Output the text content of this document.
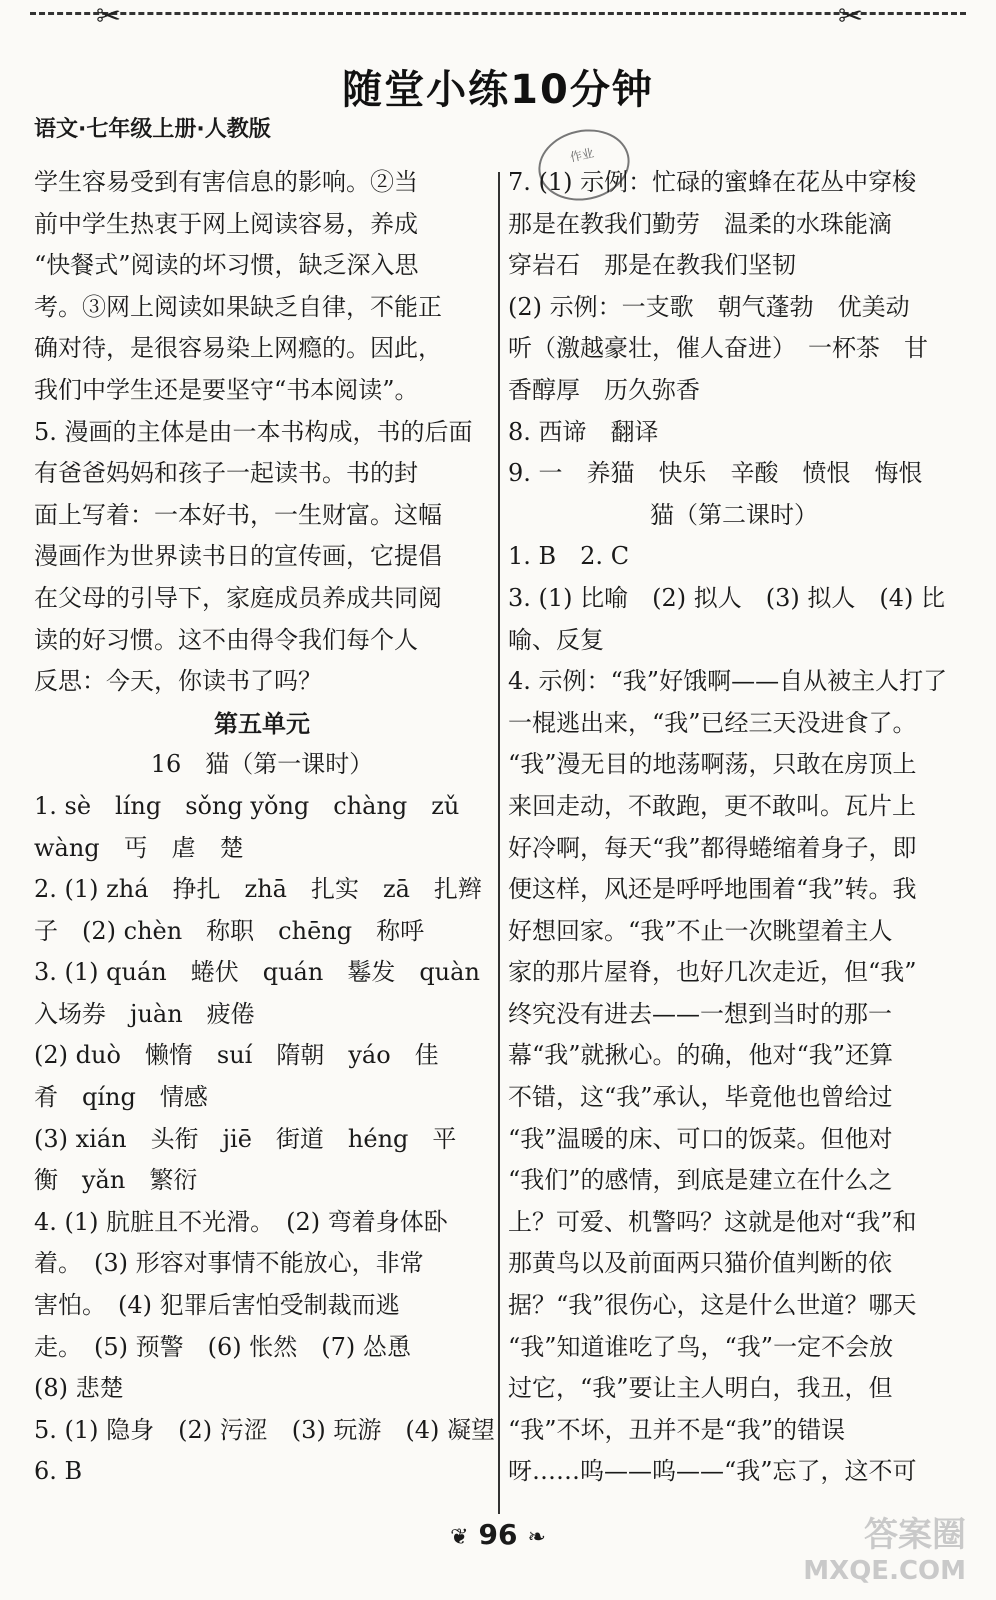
✂	✂
随堂小练10分钟
语文·七年级上册·人教版
作业
学生容易受到有害信息的影响。②当
前中学生热衷于网上阅读容易，养成
“快餐式”阅读的坏习惯，缺乏深入思
考。③网上阅读如果缺乏自律，不能正
确对待，是很容易染上网瘾的。因此，
我们中学生还是要坚守“书本阅读”。
5. 漫画的主体是由一本书构成，书的后面
有爸爸妈妈和孩子一起读书。书的封
面上写着：一本好书，一生财富。这幅
漫画作为世界读书日的宣传画，它提倡
在父母的引导下，家庭成员养成共同阅
读的好习惯。这不由得令我们每个人
反思：今天，你读书了吗？
第五单元
16　猫（第一课时）
1. sè　líng　sǒng yǒng　chàng　zǔ
wàng　丐　虐　楚
2. (1) zhá　挣扎　zhā　扎实　zā　扎辫
子　(2) chèn　称职　chēng　称呼
3. (1) quán　蜷伏　quán　鬈发　quàn
入场券　juàn　疲倦
(2) duò　懒惰　suí　隋朝　yáo　佳
肴　qíng　情感
(3) xián　头衔　jiē　街道　héng　平
衡　yǎn　繁衍
4. (1) 肮脏且不光滑。　(2) 弯着身体卧
着。　(3) 形容对事情不能放心，非常
害怕。　(4) 犯罪后害怕受制裁而逃
走。　(5) 预警　(6) 怅然　(7) 怂恿
(8) 悲楚
5. (1) 隐身　(2) 污涩　(3) 玩游　(4) 凝望
6. B
7. (1) 示例：忙碌的蜜蜂在花丛中穿梭
那是在教我们勤劳　温柔的水珠能滴
穿岩石　那是在教我们坚韧
(2) 示例：一支歌　朝气蓬勃　优美动
听（激越豪壮，催人奋进）　一杯茶　甘
香醇厚　历久弥香
8. 西谛　翻译
9. 一　养猫　快乐　辛酸　愤恨　悔恨
猫（第二课时）
1. B　2. C
3. (1) 比喻　(2) 拟人　(3) 拟人　(4) 比
喻、反复
4. 示例：“我”好饿啊——自从被主人打了
一棍逃出来，“我”已经三天没进食了。
“我”漫无目的地荡啊荡，只敢在房顶上
来回走动，不敢跑，更不敢叫。瓦片上
好冷啊，每天“我”都得蜷缩着身子，即
便这样，风还是呼呼地围着“我”转。我
好想回家。“我”不止一次眺望着主人
家的那片屋脊，也好几次走近，但“我”
终究没有进去——一想到当时的那一
幕“我”就揪心。的确，他对“我”还算
不错，这“我”承认，毕竟他也曾给过
“我”温暖的床、可口的饭菜。但他对
“我们”的感情，到底是建立在什么之
上？可爱、机警吗？这就是他对“我”和
那黄鸟以及前面两只猫价值判断的依
据？“我”很伤心，这是什么世道？哪天
“我”知道谁吃了鸟，“我”一定不会放
过它，“我”要让主人明白，我丑，但
“我”不坏，丑并不是“我”的错误
呀……呜——呜——“我”忘了，这不可
❦ 96 ❧	答案圈
MXQE.COM
